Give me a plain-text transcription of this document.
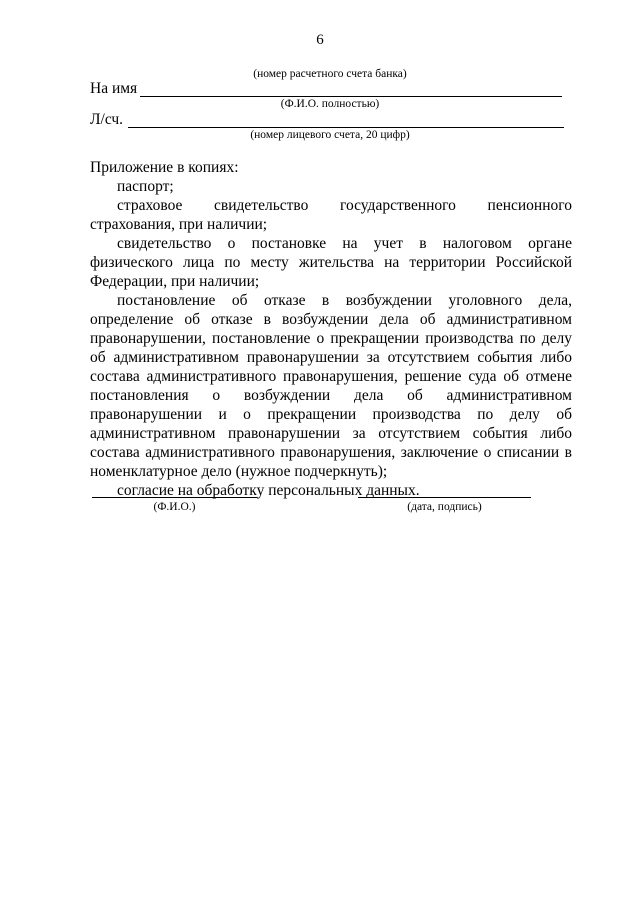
6
(номер расчетного счета банка)
На имя
(Ф.И.О. полностью)
Л/сч.
(номер лицевого счета, 20 цифр)

Приложение в копиях:

паспорт;

страховое свидетельство государственного пенсионного страхования, при наличии;

свидетельство о постановке на учет в налоговом органе физического лица по месту жительства на территории Российской Федерации, при наличии;

постановление об отказе в возбуждении уголовного дела, определение об отказе в возбуждении дела об административном правонарушении, постановление о прекращении производства по делу об административном правонарушении за отсутствием события либо состава административного правонарушения, решение суда об отмене постановления о возбуждении дела об административном правонарушении и о прекращении производства по делу об административном правонарушении за отсутствием события либо состава административного правонарушения, заключение о списании в номенклатурное дело (нужное подчеркнуть);

согласие на обработку персональных данных.

(Ф.И.О.)	(дата, подпись)
